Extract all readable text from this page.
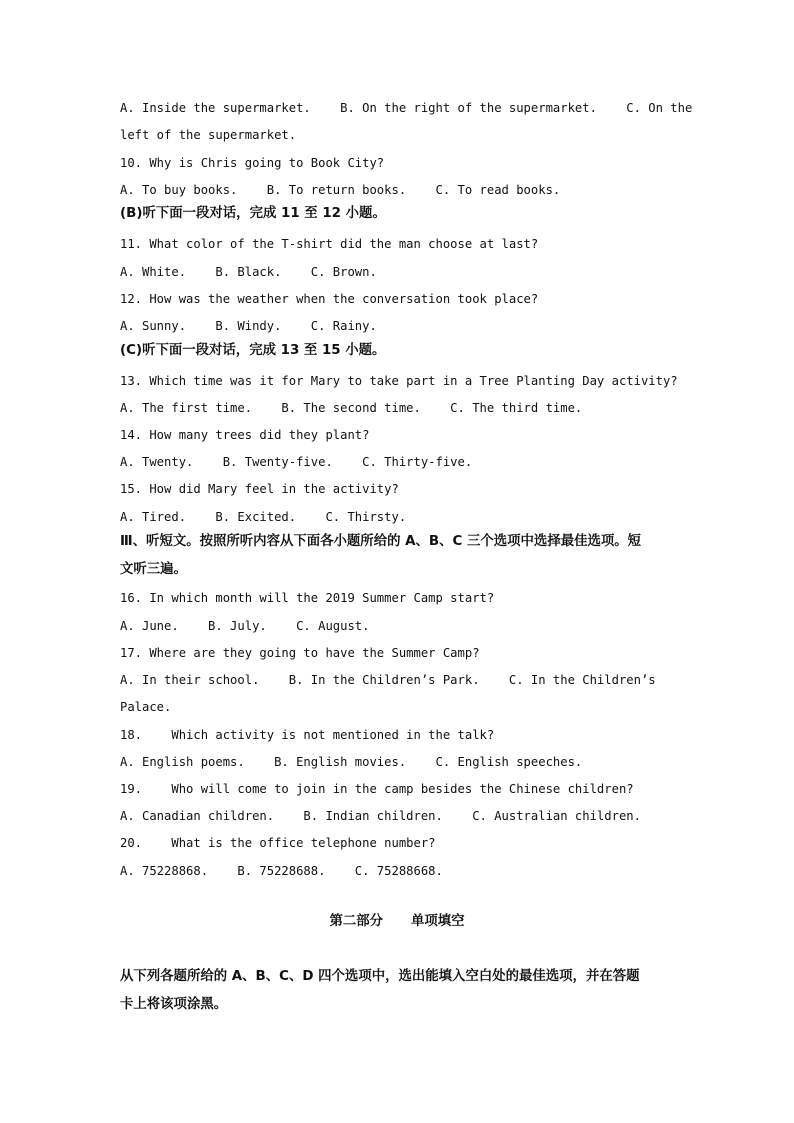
A. Inside the supermarket.    B. On the right of the supermarket.    C. On the
left of the supermarket.
10. Why is Chris going to Book City?
A. To buy books.    B. To return books.    C. To read books.
(B)听下面一段对话，完成 11 至 12 小题。
11. What color of the T-shirt did the man choose at last?
A. White.    B. Black.    C. Brown.
12. How was the weather when the conversation took place?
A. Sunny.    B. Windy.    C. Rainy.
(C)听下面一段对话，完成 13 至 15 小题。
13. Which time was it for Mary to take part in a Tree Planting Day activity?
A. The first time.    B. The second time.    C. The third time.
14. How many trees did they plant?
A. Twenty.    B. Twenty-five.    C. Thirty-five.
15. How did Mary feel in the activity?
A. Tired.    B. Excited.    C. Thirsty.
Ⅲ、听短文。按照所听内容从下面各小题所给的 A、B、C 三个选项中选择最佳选项。短
文听三遍。
16. In which month will the 2019 Summer Camp start?
A. June.    B. July.    C. August.
17. Where are they going to have the Summer Camp?
A. In their school.    B. In the Children’s Park.    C. In the Children’s
Palace.
18.    Which activity is not mentioned in the talk?
A. English poems.    B. English movies.    C. English speeches.
19.    Who will come to join in the camp besides the Chinese children?
A. Canadian children.    B. Indian children.    C. Australian children.
20.    What is the office telephone number?
A. 75228868.    B. 75228688.    C. 75288668.
第二部分      单项填空
从下列各题所给的 A、B、C、D 四个选项中，选出能填入空白处的最佳选项，并在答题
卡上将该项涂黑。
